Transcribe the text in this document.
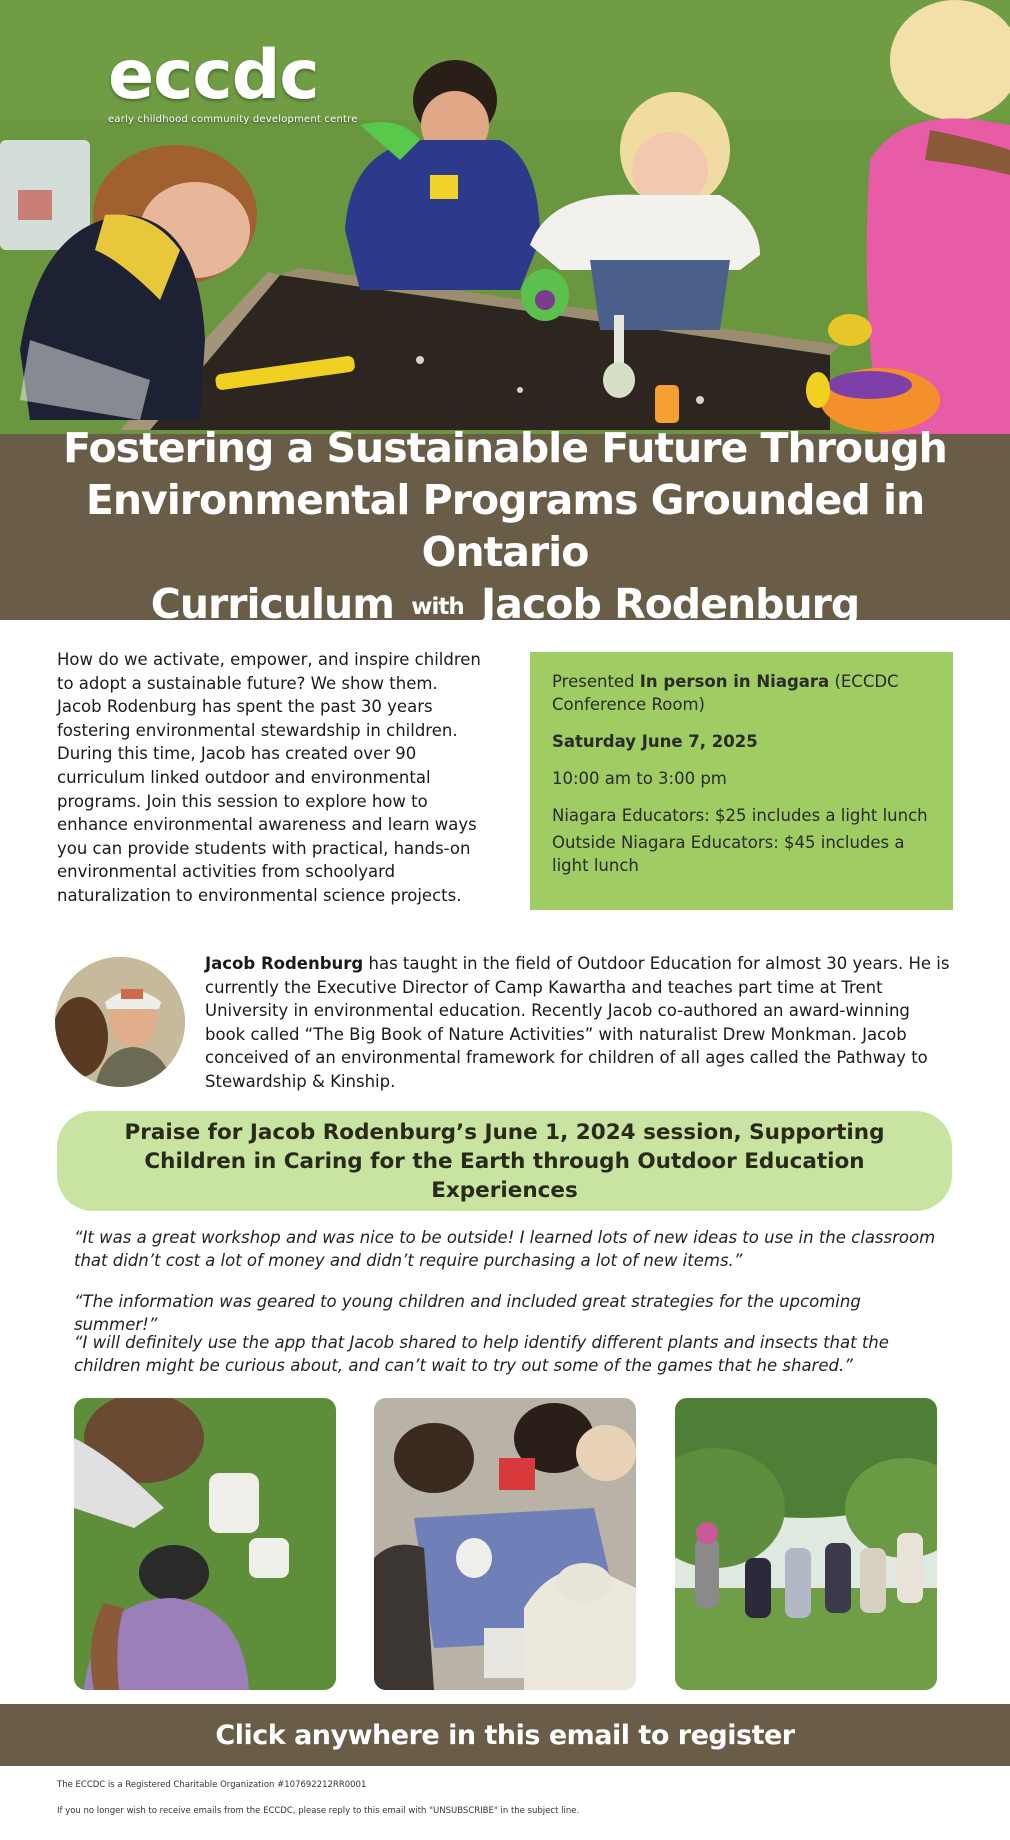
eccdc
early childhood community development centre
Fostering a Sustainable Future Through
Environmental Programs Grounded in Ontario
Curriculum with Jacob Rodenburg
How do we activate, empower, and inspire children to adopt a sustainable future? We show them. Jacob Rodenburg has spent the past 30 years fostering environmental stewardship in children. During this time, Jacob has created over 90 curriculum linked outdoor and environmental programs. Join this session to explore how to enhance environmental awareness and learn ways you can provide students with practical, hands-on environmental activities from schoolyard naturalization to environmental science projects.

Presented In person in Niagara (ECCDC Conference Room)

Saturday June 7, 2025

10:00 am to 3:00 pm

Niagara Educators: $25 includes a light lunch

Outside Niagara Educators: $45 includes a light lunch

Jacob Rodenburg has taught in the field of Outdoor Education for almost 30 years. He is currently the Executive Director of Camp Kawartha and teaches part time at Trent University in environmental education. Recently Jacob co-authored an award-winning book called “The Big Book of Nature Activities” with naturalist Drew Monkman. Jacob conceived of an environmental framework for children of all ages called the Pathway to Stewardship & Kinship.
Praise for Jacob Rodenburg’s June 1, 2024 session, Supporting Children in Caring for the Earth through Outdoor Education Experiences
“It was a great workshop and was nice to be outside! I learned lots of new ideas to use in the classroom that didn’t cost a lot of money and didn’t require purchasing a lot of new items.”
“The information was geared to young children and included great strategies for the upcoming summer!”
“I will definitely use the app that Jacob shared to help identify different plants and insects that the children might be curious about, and can’t wait to try out some of the games that he shared.”
Click anywhere in this email to register
The ECCDC is a Registered Charitable Organization #107692212RR0001
If you no longer wish to receive emails from the ECCDC, please reply to this email with "UNSUBSCRIBE" in the subject line.
